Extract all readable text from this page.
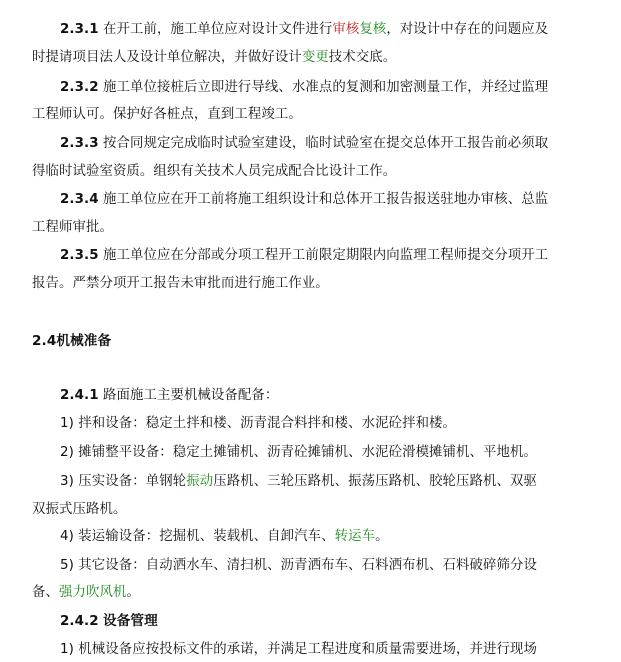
2.3.1 在开工前，施工单位应对设计文件进行审核复核，对设计中存在的问题应及
时提请项目法人及设计单位解决，并做好设计变更技术交底。
2.3.2 施工单位接桩后立即进行导线、水准点的复测和加密测量工作，并经过监理
工程师认可。保护好各桩点，直到工程竣工。
2.3.3 按合同规定完成临时试验室建设，临时试验室在提交总体开工报告前必须取
得临时试验室资质。组织有关技术人员完成配合比设计工作。
2.3.4 施工单位应在开工前将施工组织设计和总体开工报告报送驻地办审核、总监
工程师审批。
2.3.5 施工单位应在分部或分项工程开工前限定期限内向监理工程师提交分项开工
报告。严禁分项开工报告未审批而进行施工作业。
2.4机械准备
2.4.1 路面施工主要机械设备配备：
1) 拌和设备：稳定土拌和楼、沥青混合料拌和楼、水泥砼拌和楼。
2) 摊铺整平设备：稳定土摊铺机、沥青砼摊铺机、水泥砼滑模摊铺机、平地机。
3) 压实设备：单钢轮振动压路机、三轮压路机、振荡压路机、胶轮压路机、双驱
双振式压路机。
4) 装运输设备：挖掘机、装载机、自卸汽车、转运车。
5) 其它设备：自动洒水车、清扫机、沥青洒布车、石料洒布机、石料破碎筛分设
备、强力吹风机。
2.4.2 设备管理
1) 机械设备应按投标文件的承诺，并满足工程进度和质量需要进场，并进行现场
